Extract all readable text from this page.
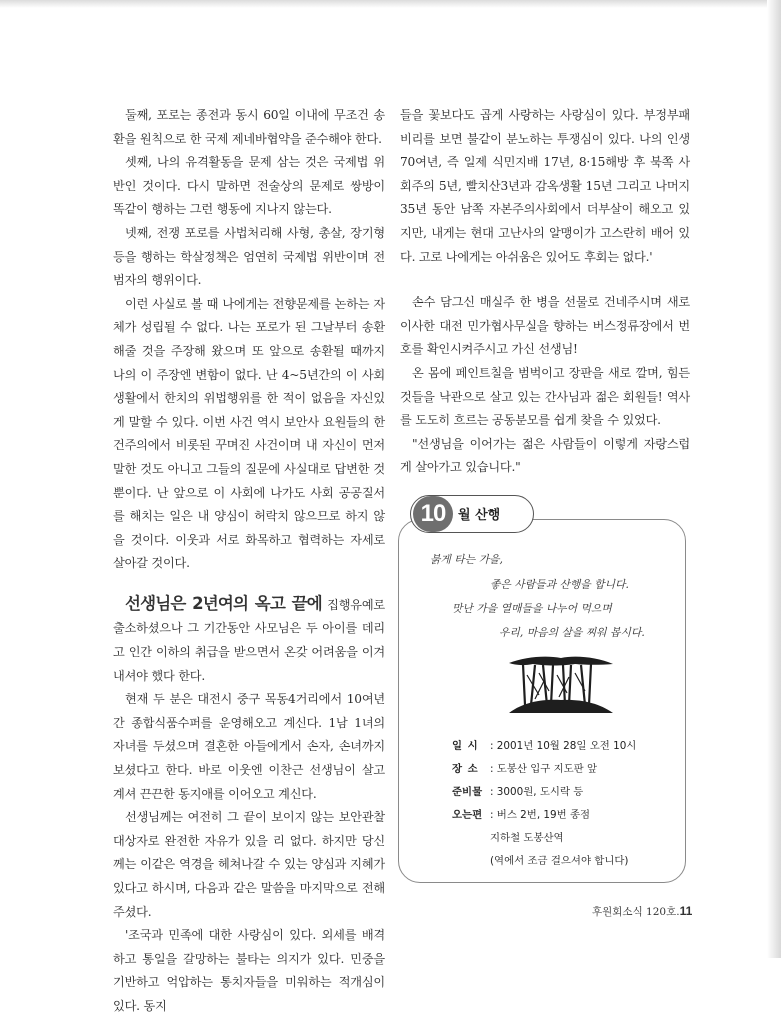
둘째, 포로는 종전과 동시 60일 이내에 무조건 송환을 원칙으로 한 국제 제네바협약을 준수해야 한다.

셋째, 나의 유격활동을 문제 삼는 것은 국제법 위반인 것이다. 다시 말하면 전술상의 문제로 쌍방이 똑같이 행하는 그런 행동에 지나지 않는다.

넷째, 전쟁 포로를 사법처리해 사형, 총살, 장기형 등을 행하는 학살정책은 엄연히 국제법 위반이며 전범자의 행위이다.

이런 사실로 볼 때 나에게는 전향문제를 논하는 자체가 성립될 수 없다. 나는 포로가 된 그날부터 송환해줄 것을 주장해 왔으며 또 앞으로 송환될 때까지 나의 이 주장엔 변함이 없다. 난 4~5년간의 이 사회 생활에서 한치의 위법행위를 한 적이 없음을 자신있게 말할 수 있다. 이번 사건 역시 보안사 요원들의 한건주의에서 비롯된 꾸며진 사건이며 내 자신이 먼저 말한 것도 아니고 그들의 질문에 사실대로 답변한 것뿐이다. 난 앞으로 이 사회에 나가도 사회 공공질서를 해치는 일은 내 양심이 허락치 않으므로 하지 않을 것이다. 이웃과 서로 화목하고 협력하는 자세로 살아갈 것이다.

선생님은 2년여의 옥고 끝에 집행유예로 출소하셨으나 그 기간동안 사모님은 두 아이를 데리고 인간 이하의 취급을 받으면서 온갖 어려움을 이겨내셔야 했다 한다.

현재 두 분은 대전시 중구 목동4거리에서 10여년 간 종합식품수퍼를 운영해오고 계신다. 1남 1녀의 자녀를 두셨으며 결혼한 아들에게서 손자, 손녀까지 보셨다고 한다. 바로 이웃엔 이찬근 선생님이 살고 계셔 끈끈한 동지애를 이어오고 계신다.

선생님께는 여전히 그 끝이 보이지 않는 보안관찰 대상자로 완전한 자유가 있을 리 없다. 하지만 당신께는 이같은 역경을 헤쳐나갈 수 있는 양심과 지혜가 있다고 하시며, 다음과 같은 말씀을 마지막으로 전해주셨다.

'조국과 민족에 대한 사랑심이 있다. 외세를 배격하고 통일을 갈망하는 불타는 의지가 있다. 민중을 기반하고 억압하는 통치자들을 미워하는 적개심이 있다. 동지

들을 꽃보다도 곱게 사랑하는 사랑심이 있다. 부정부패비리를 보면 불같이 분노하는 투쟁심이 있다. 나의 인생 70여년, 즉 일제 식민지배 17년, 8·15해방 후 북쪽 사회주의 5년, 빨치산3년과 감옥생활 15년 그리고 나머지 35년 동안 남쪽 자본주의사회에서 더부살이 해오고 있지만, 내게는 현대 고난사의 알맹이가 고스란히 배어 있다. 고로 나에게는 아쉬움은 있어도 후회는 없다.'

손수 담그신 매실주 한 병을 선물로 건네주시며 새로이사한 대전 민가협사무실을 향하는 버스정류장에서 번호를 확인시켜주시고 가신 선생님!

온 몸에 페인트칠을 범벅이고 장판을 새로 깔며, 힘든 것들을 낙관으로 살고 있는 간사님과 젊은 회원들! 역사를 도도히 흐르는 공동분모를 쉽게 찾을 수 있었다.

"선생님을 이어가는 젊은 사람들이 이렇게 자랑스럽게 살아가고 있습니다."

10 월 산행
붉게 타는 가을,
좋은 사람들과 산행을 합니다.
맛난 가을 열매들을 나누어 먹으며
우리, 마음의 살을 찌워 봅시다.
일 시 : 2001년 10월 28일 오전 10시
장 소 : 도봉산 입구 지도판 앞
준비물 : 3000원, 도시락 등
오는편 : 버스 2번, 19번 종점
지하철 도봉산역
(역에서 조금 걸으셔야 합니다)
후원회소식 120호.11
